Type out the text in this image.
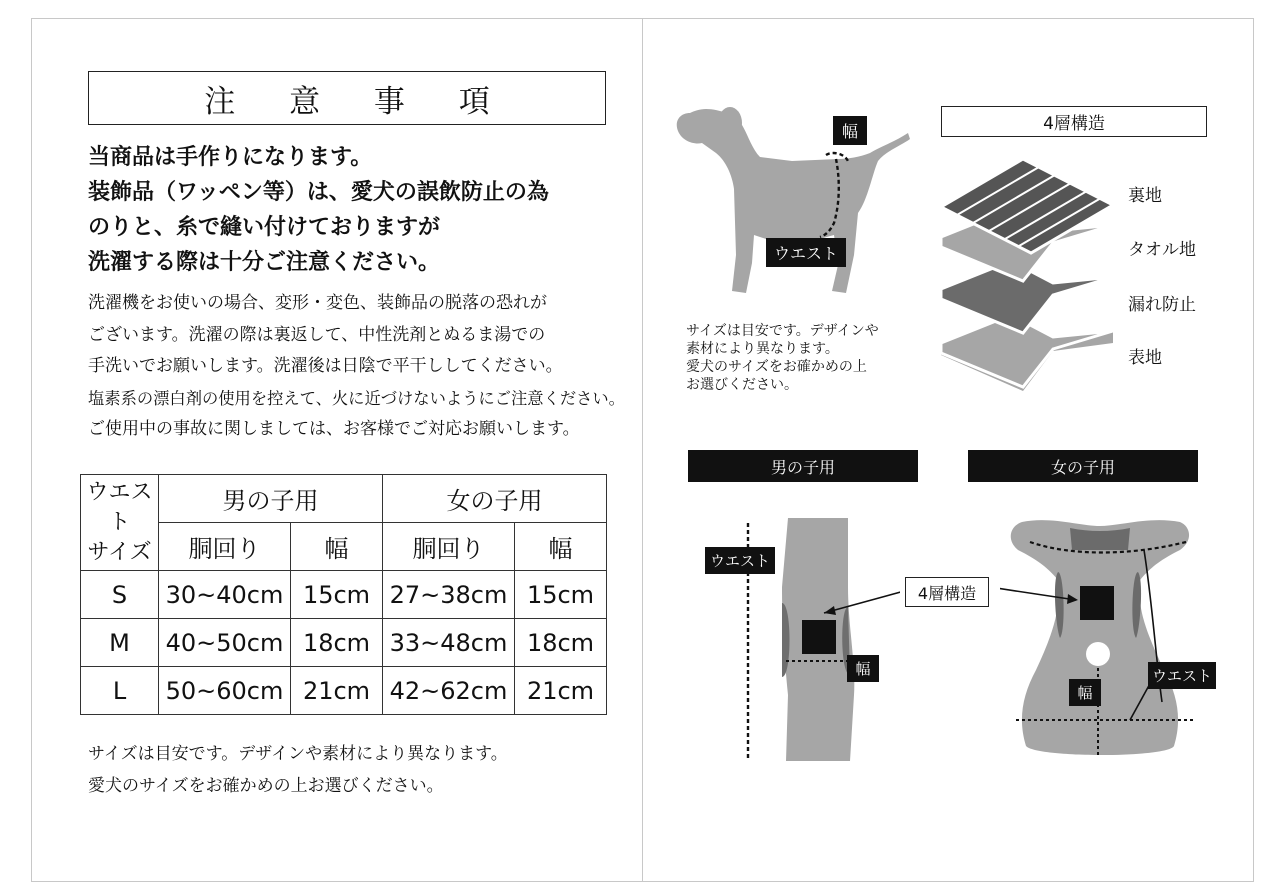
注 意 事 項
当商品は手作りになります。
装飾品（ワッペン等）は、愛犬の誤飲防止の為
のりと、糸で縫い付けておりますが
洗濯する際は十分ご注意ください。
洗濯機をお使いの場合、変形・変色、装飾品の脱落の恐れが
ございます。洗濯の際は裏返して、中性洗剤とぬるま湯での
手洗いでお願いします。洗濯後は日陰で平干ししてください。
塩素系の漂白剤の使用を控えて、火に近づけないようにご注意ください。
ご使用中の事故に関しましては、お客様でご対応お願いします。
ウエスト
サイズ	男の子用		女の子用	
	胴回り	幅	胴回り	幅
S	30~40cm	15cm	27~38cm	15cm
M	40~50cm	18cm	33~48cm	18cm
L	50~60cm	21cm	42~62cm	21cm
サイズは目安です。デザインや素材により異なります。
愛犬のサイズをお確かめの上お選びください。
幅
ウエスト
サイズは目安です。デザインや
素材により異なります。
愛犬のサイズをお確かめの上
お選びください。
4層構造
裏地
タオル地
漏れ防止
表地
男の子用	女の子用
ウエスト
幅
4層構造
幅
ウエスト
